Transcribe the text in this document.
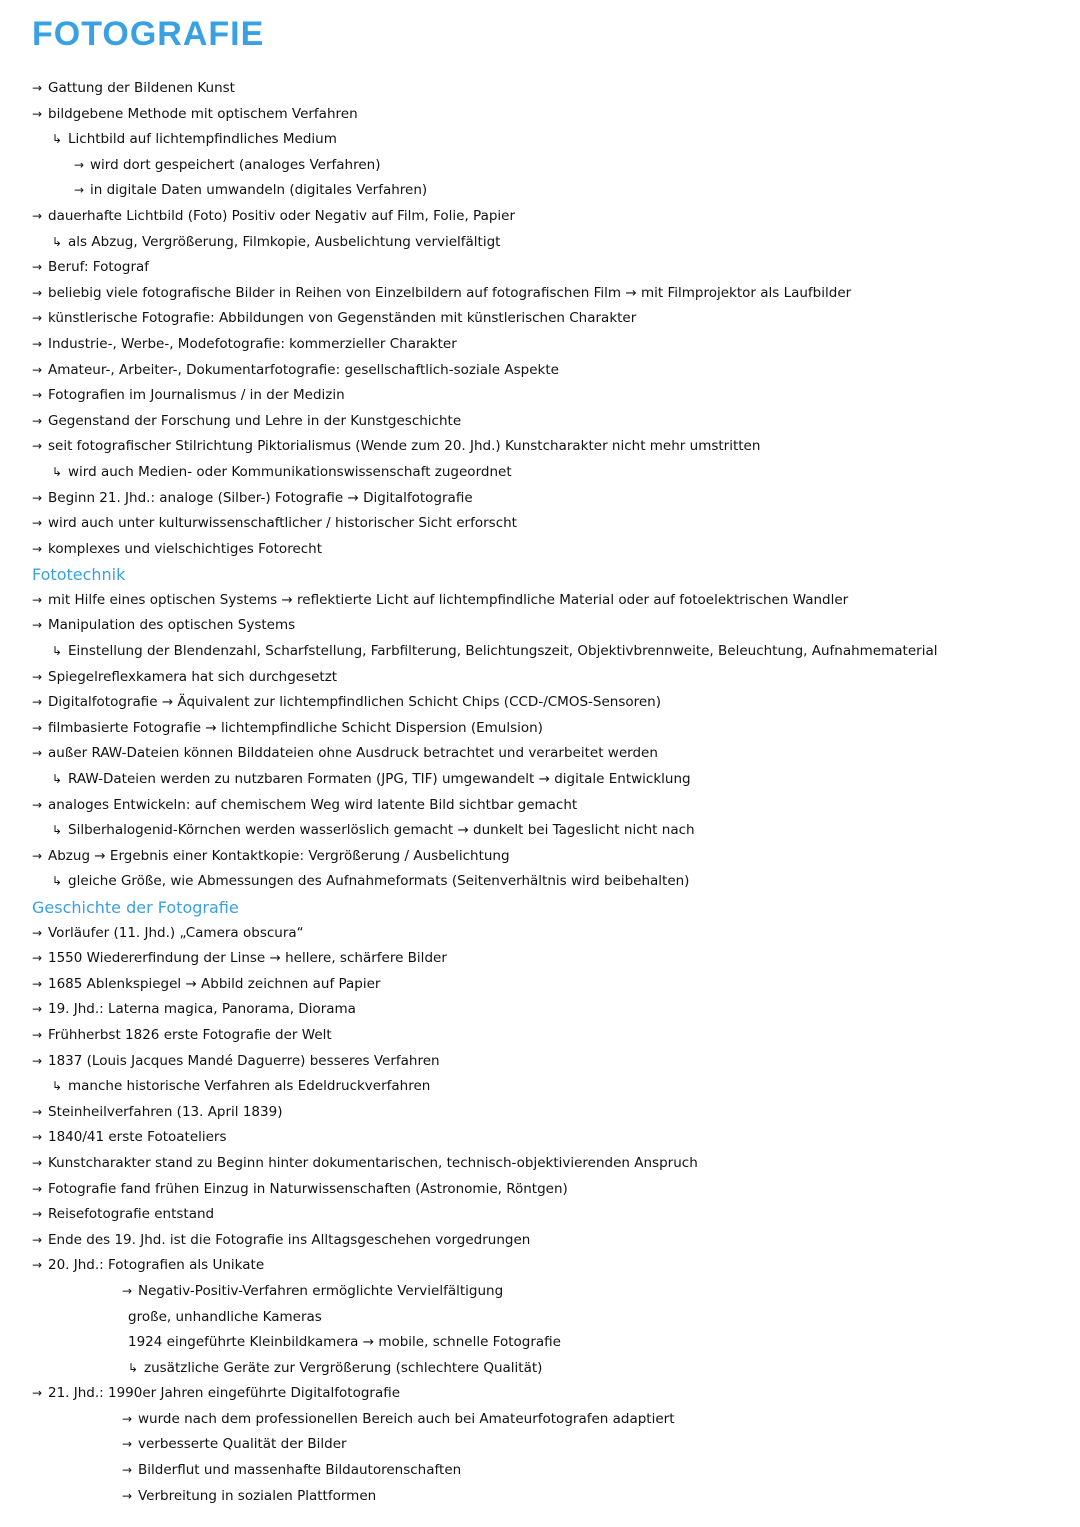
FOTOGRAFIE
→ Gattung der Bildenen Kunst
→ bildgebene Methode mit optischem Verfahren
↳ Lichtbild auf lichtempfindliches Medium
→ wird dort gespeichert (analoges Verfahren)
→ in digitale Daten umwandeln (digitales Verfahren)
→ dauerhafte Lichtbild (Foto) Positiv oder Negativ auf Film, Folie, Papier
↳ als Abzug, Vergrößerung, Filmkopie, Ausbelichtung vervielfältigt
→ Beruf: Fotograf
→ beliebig viele fotografische Bilder in Reihen von Einzelbildern auf fotografischen Film → mit Filmprojektor als Laufbilder
→ künstlerische Fotografie: Abbildungen von Gegenständen mit künstlerischen Charakter
→ Industrie-, Werbe-, Modefotografie: kommerzieller Charakter
→ Amateur-, Arbeiter-, Dokumentarfotografie: gesellschaftlich-soziale Aspekte
→ Fotografien im Journalismus / in der Medizin
→ Gegenstand der Forschung und Lehre in der Kunstgeschichte
→ seit fotografischer Stilrichtung Piktorialismus (Wende zum 20. Jhd.) Kunstcharakter nicht mehr umstritten
↳ wird auch Medien- oder Kommunikationswissenschaft zugeordnet
→ Beginn 21. Jhd.: analoge (Silber-) Fotografie → Digitalfotografie
→ wird auch unter kulturwissenschaftlicher / historischer Sicht erforscht
→ komplexes und vielschichtiges Fotorecht
Fototechnik
→ mit Hilfe eines optischen Systems → reflektierte Licht auf lichtempfindliche Material oder auf fotoelektrischen Wandler
→ Manipulation des optischen Systems
↳ Einstellung der Blendenzahl, Scharfstellung, Farbfilterung, Belichtungszeit, Objektivbrennweite, Beleuchtung, Aufnahmematerial
→ Spiegelreflexkamera hat sich durchgesetzt
→ Digitalfotografie → Äquivalent zur lichtempfindlichen Schicht Chips (CCD-/CMOS-Sensoren)
→ filmbasierte Fotografie → lichtempfindliche Schicht Dispersion (Emulsion)
→ außer RAW-Dateien können Bilddateien ohne Ausdruck betrachtet und verarbeitet werden
↳ RAW-Dateien werden zu nutzbaren Formaten (JPG, TIF) umgewandelt → digitale Entwicklung
→ analoges Entwickeln: auf chemischem Weg wird latente Bild sichtbar gemacht
↳ Silberhalogenid-Körnchen werden wasserlöslich gemacht → dunkelt bei Tageslicht nicht nach
→ Abzug → Ergebnis einer Kontaktkopie: Vergrößerung / Ausbelichtung
↳ gleiche Größe, wie Abmessungen des Aufnahmeformats (Seitenverhältnis wird beibehalten)
Geschichte der Fotografie
→ Vorläufer (11. Jhd.) „Camera obscura“
→ 1550 Wiedererfindung der Linse → hellere, schärfere Bilder
→ 1685 Ablenkspiegel → Abbild zeichnen auf Papier
→ 19. Jhd.: Laterna magica, Panorama, Diorama
→ Frühherbst 1826 erste Fotografie der Welt
→ 1837 (Louis Jacques Mandé Daguerre) besseres Verfahren
↳ manche historische Verfahren als Edeldruckverfahren
→ Steinheilverfahren (13. April 1839)
→ 1840/41 erste Fotoateliers
→ Kunstcharakter stand zu Beginn hinter dokumentarischen, technisch-objektivierenden Anspruch
→ Fotografie fand frühen Einzug in Naturwissenschaften (Astronomie, Röntgen)
→ Reisefotografie entstand
→ Ende des 19. Jhd. ist die Fotografie ins Alltagsgeschehen vorgedrungen
→ 20. Jhd.: Fotografien als Unikate
→ Negativ-Positiv-Verfahren ermöglichte Vervielfältigung
große, unhandliche Kameras
1924 eingeführte Kleinbildkamera → mobile, schnelle Fotografie
↳ zusätzliche Geräte zur Vergrößerung (schlechtere Qualität)
→ 21. Jhd.: 1990er Jahren eingeführte Digitalfotografie
→ wurde nach dem professionellen Bereich auch bei Amateurfotografen adaptiert
→ verbesserte Qualität der Bilder
→ Bilderflut und massenhafte Bildautorenschaften
→ Verbreitung in sozialen Plattformen
